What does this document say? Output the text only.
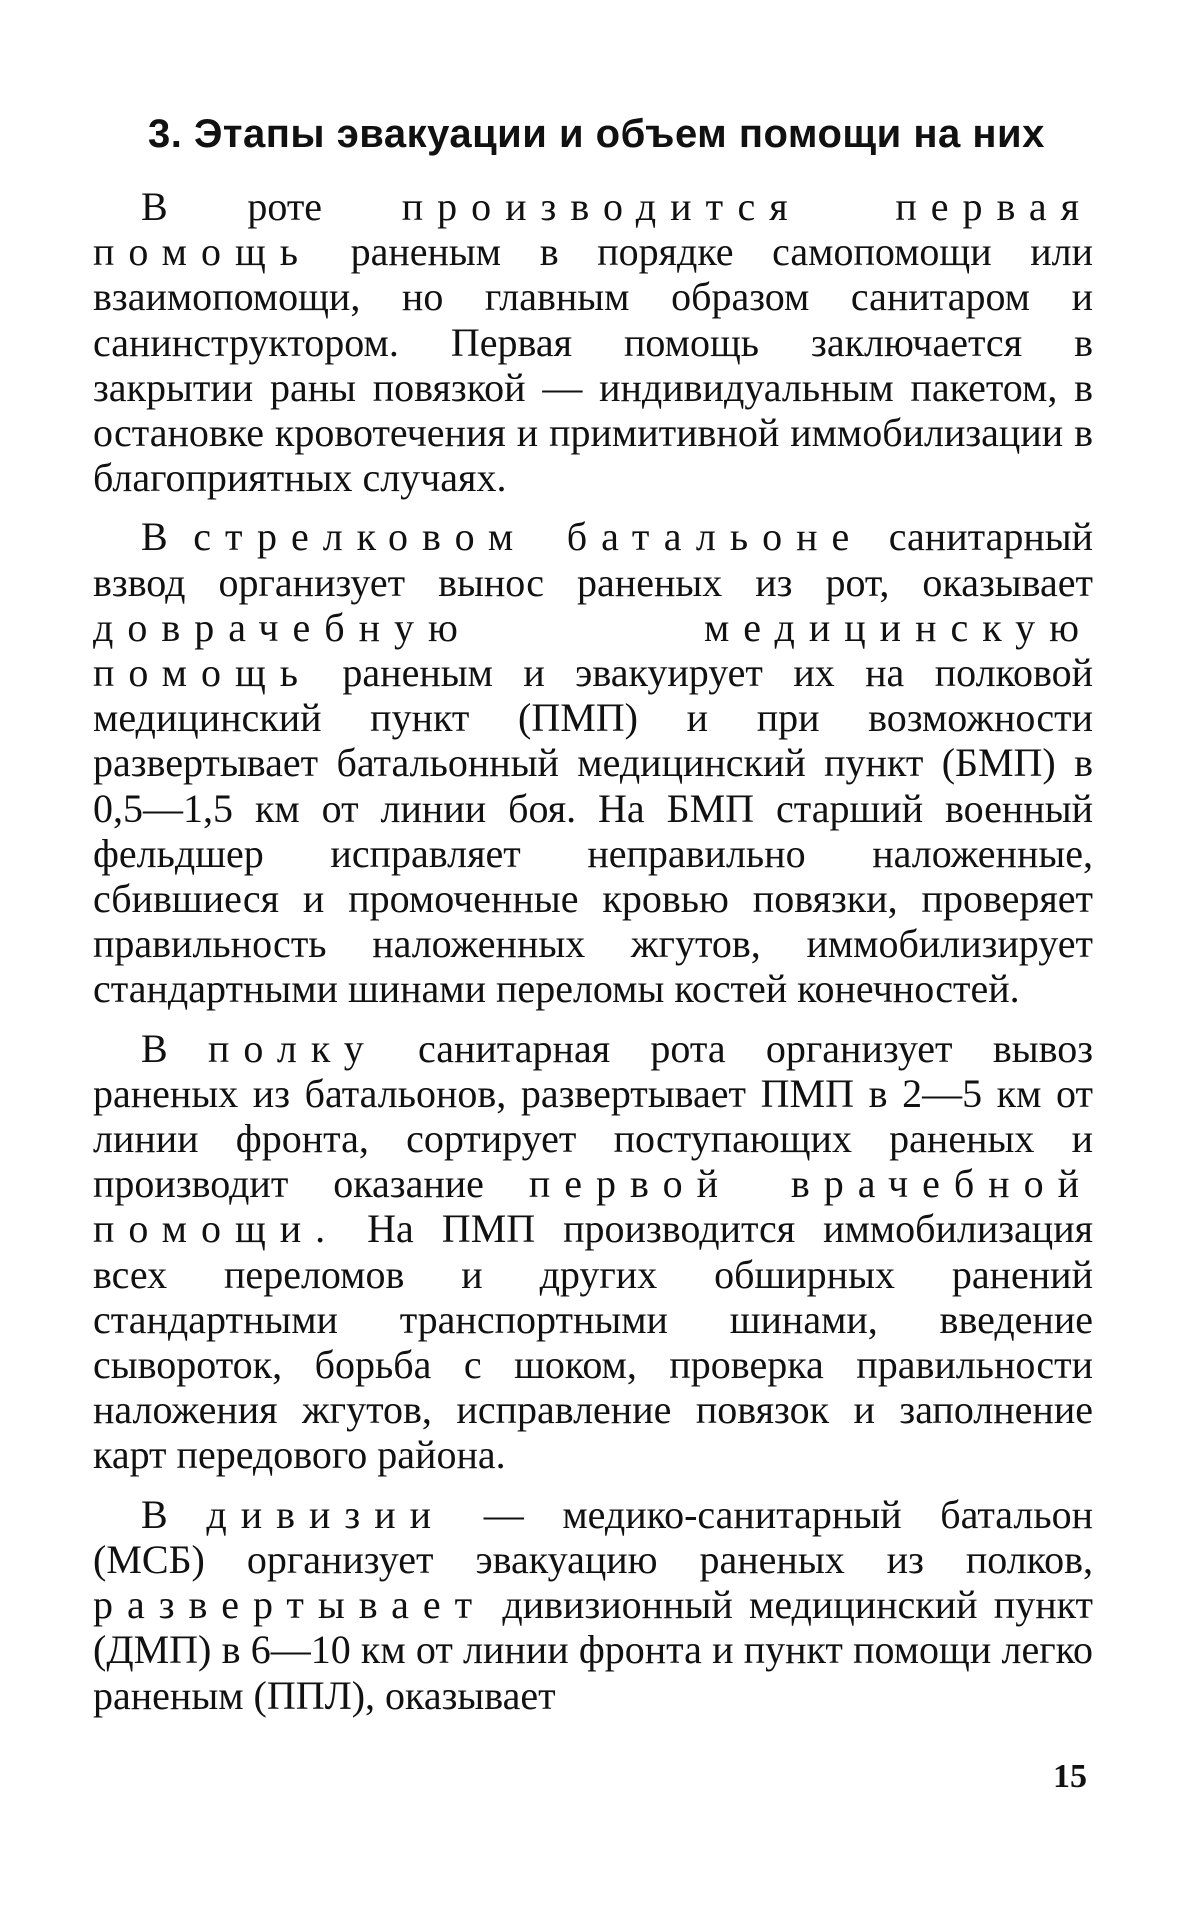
3. Этапы эвакуации и объем помощи на них

В роте производится первая помощь раненым в порядке самопомощи или взаимопомощи, но главным образом санитаром и санинструктором. Первая помощь заключается в закрытии раны повязкой — индивидуальным пакетом, в остановке кровотечения и примитивной иммобилизации в благоприятных случаях.

В стрелковом батальоне санитарный взвод организует вынос раненых из рот, оказывает доврачебную медицинскую помощь раненым и эвакуирует их на полковой медицинский пункт (ПМП) и при возможности развертывает батальонный медицинский пункт (БМП) в 0,5—1,5 км от линии боя. На БМП старший военный фельдшер исправляет неправильно наложенные, сбившиеся и промоченные кровью повязки, проверяет правильность наложенных жгутов, иммобилизирует стандартными шинами переломы костей конечностей.

В полку санитарная рота организует вывоз раненых из батальонов, развертывает ПМП в 2—5 км от линии фронта, сортирует поступающих раненых и производит оказание первой врачебной помощи. На ПМП производится иммобилизация всех переломов и других обширных ранений стандартными транспортными шинами, введение сывороток, борьба с шоком, проверка правильности наложения жгутов, исправление повязок и заполнение карт передового района.

В дивизии — медико-санитарный батальон (МСБ) организует эвакуацию раненых из полков, развертывает дивизионный медицинский пункт (ДМП) в 6—10 км от линии фронта и пункт помощи легко раненым (ППЛ), оказывает

15
